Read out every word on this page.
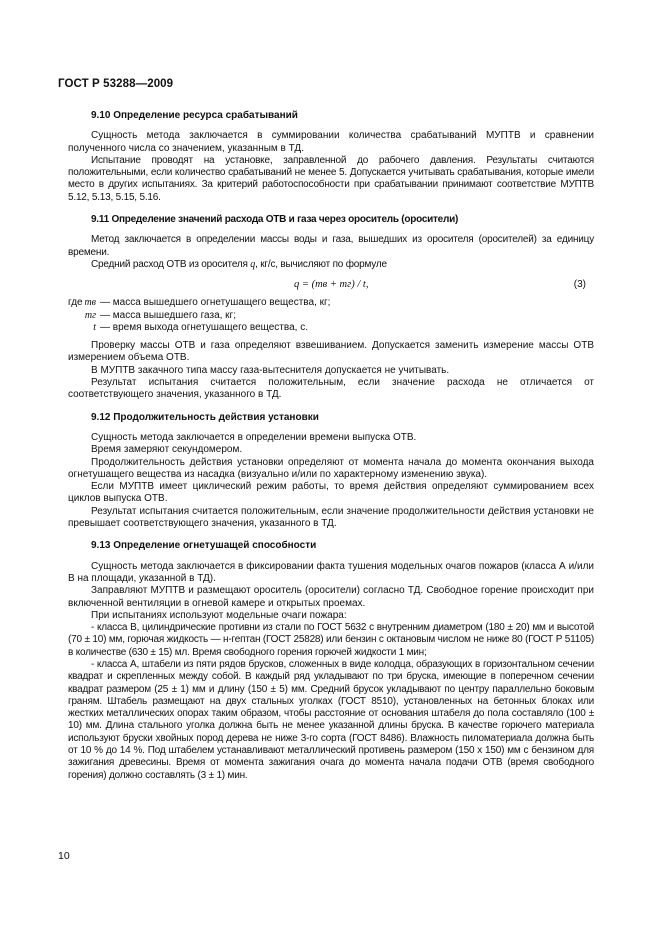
ГОСТ Р 53288—2009
9.10 Определение ресурса срабатываний

Сущность метода заключается в суммировании количества срабатываний МУПТВ и сравнении полученного числа со значением, указанным в ТД.

Испытание проводят на установке, заправленной до рабочего давления. Результаты считаются положительными, если количество срабатываний не менее 5. Допускается учитывать срабатывания, которые имели место в других испытаниях. За критерий работоспособности при срабатывании принимают соответствие МУПТВ 5.12, 5.13, 5.15, 5.16.

9.11 Определение значений расхода ОТВ и газа через ороситель (оросители)

Метод заключается в определении массы воды и газа, вышедших из оросителя (оросителей) за единицу времени.

Средний расход ОТВ из оросителя q, кг/с, вычисляют по формуле

q = (mв + mг) / t,	(3)
где mв — масса вышедшего огнетушащего вещества, кг;
mг — масса вышедшего газа, кг;
t — время выхода огнетушащего вещества, с.

Проверку массы ОТВ и газа определяют взвешиванием. Допускается заменить измерение массы ОТВ измерением объема ОТВ.

В МУПТВ закачного типа массу газа-вытеснителя допускается не учитывать.

Результат испытания считается положительным, если значение расхода не отличается от соответствующего значения, указанного в ТД.

9.12 Продолжительность действия установки

Сущность метода заключается в определении времени выпуска ОТВ.

Время замеряют секундомером.

Продолжительность действия установки определяют от момента начала до момента окончания выхода огнетушащего вещества из насадка (визуально и/или по характерному изменению звука).

Если МУПТВ имеет циклический режим работы, то время действия определяют суммированием всех циклов выпуска ОТВ.

Результат испытания считается положительным, если значение продолжительности действия установки не превышает соответствующего значения, указанного в ТД.

9.13 Определение огнетушащей способности

Сущность метода заключается в фиксировании факта тушения модельных очагов пожаров (класса А и/или В на площади, указанной в ТД).

Заправляют МУПТВ и размещают ороситель (оросители) согласно ТД. Свободное горение происходит при включенной вентиляции в огневой камере и открытых проемах.

При испытаниях используют модельные очаги пожара:

- класса В, цилиндрические противни из стали по ГОСТ 5632 с внутренним диаметром (180 ± 20) мм и высотой (70 ± 10) мм, горючая жидкость — н-гептан (ГОСТ 25828) или бензин с октановым числом не ниже 80 (ГОСТ Р 51105) в количестве (630 ± 15) мл. Время свободного горения горючей жидкости 1 мин;

- класса А, штабели из пяти рядов брусков, сложенных в виде колодца, образующих в горизонтальном сечении квадрат и скрепленных между собой. В каждый ряд укладывают по три бруска, имеющие в поперечном сечении квадрат размером (25 ± 1) мм и длину (150 ± 5) мм. Средний брусок укладывают по центру параллельно боковым граням. Штабель размещают на двух стальных уголках (ГОСТ 8510), установленных на бетонных блоках или жестких металлических опорах таким образом, чтобы расстояние от основания штабеля до пола составляло (100 ± 10) мм. Длина стального уголка должна быть не менее указанной длины бруска. В качестве горючего материала используют бруски хвойных пород дерева не ниже 3-го сорта (ГОСТ 8486). Влажность пиломатериала должна быть от 10 % до 14 %. Под штабелем устанавливают металлический противень размером (150 х 150) мм с бензином для зажигания древесины. Время от момента зажигания очага до момента начала подачи ОТВ (время свободного горения) должно составлять (3 ± 1) мин.

10
